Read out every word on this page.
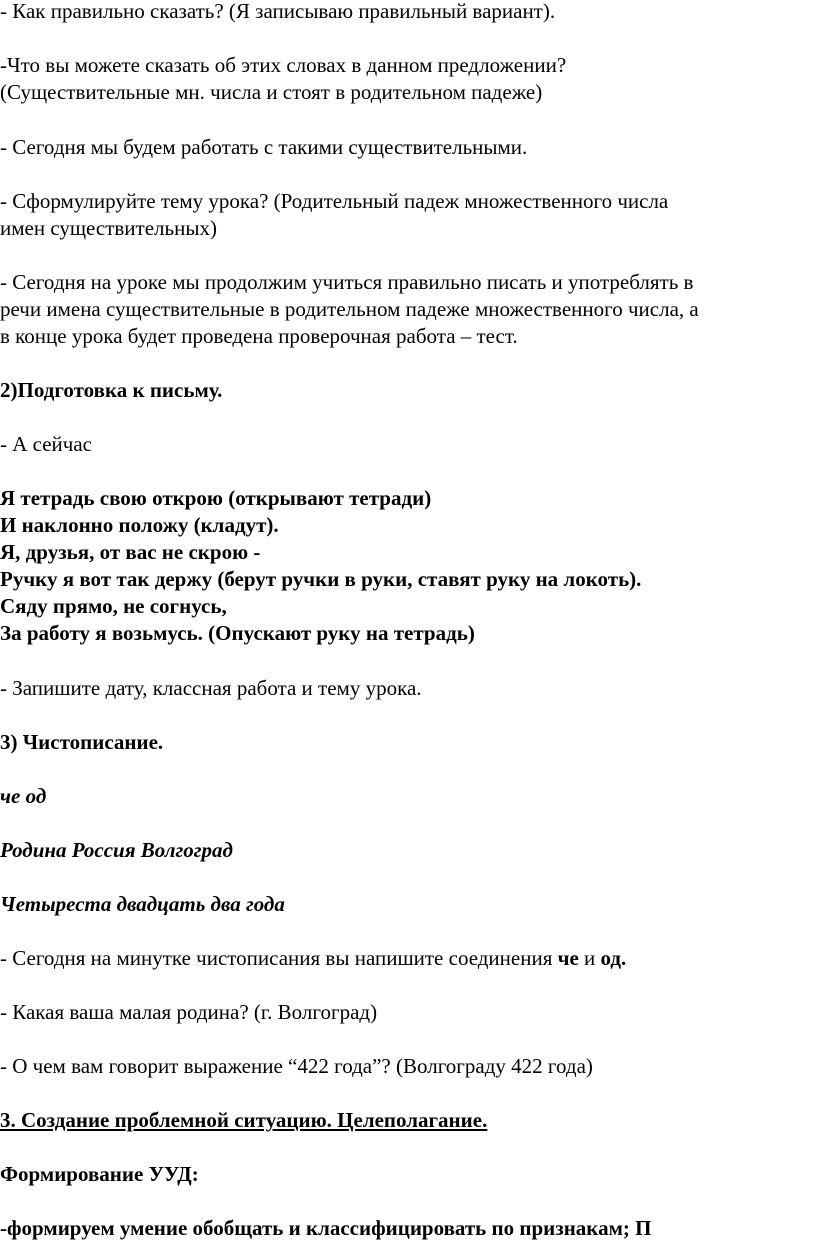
- Как правильно сказать? (Я записываю правильный вариант).
-Что вы можете сказать об этих словах в данном предложении?
(Существительные мн. числа и стоят в родительном падеже)
- Сегодня мы будем работать с такими существительными.
- Сформулируйте тему урока? (Родительный падеж множественного числа
имен существительных)
- Сегодня на уроке мы продолжим учиться правильно писать и употреблять в
речи имена существительные в родительном падеже множественного числа, а
в конце урока будет проведена проверочная работа – тест.
2)Подготовка к письму.
- А сейчас
Я тетрадь свою открою (открывают тетради)
И наклонно положу (кладут).
Я, друзья, от вас не скрою -
Ручку я вот так держу (берут ручки в руки, ставят руку на локоть).
Сяду прямо, не согнусь,
За работу я возьмусь. (Опускают руку на тетрадь)
- Запишите дату, классная работа и тему урока.
3) Чистописание.
че од
Родина Россия Волгоград
Четыреста двадцать два года
- Сегодня на минутке чистописания вы напишите соединения че и од.
- Какая ваша малая родина? (г. Волгоград)
- О чем вам говорит выражение “422 года”? (Волгограду 422 года)
3. Создание проблемной ситуацию. Целеполагание.
Формирование УУД:
-формируем умение обобщать и классифицировать по признакам; П
